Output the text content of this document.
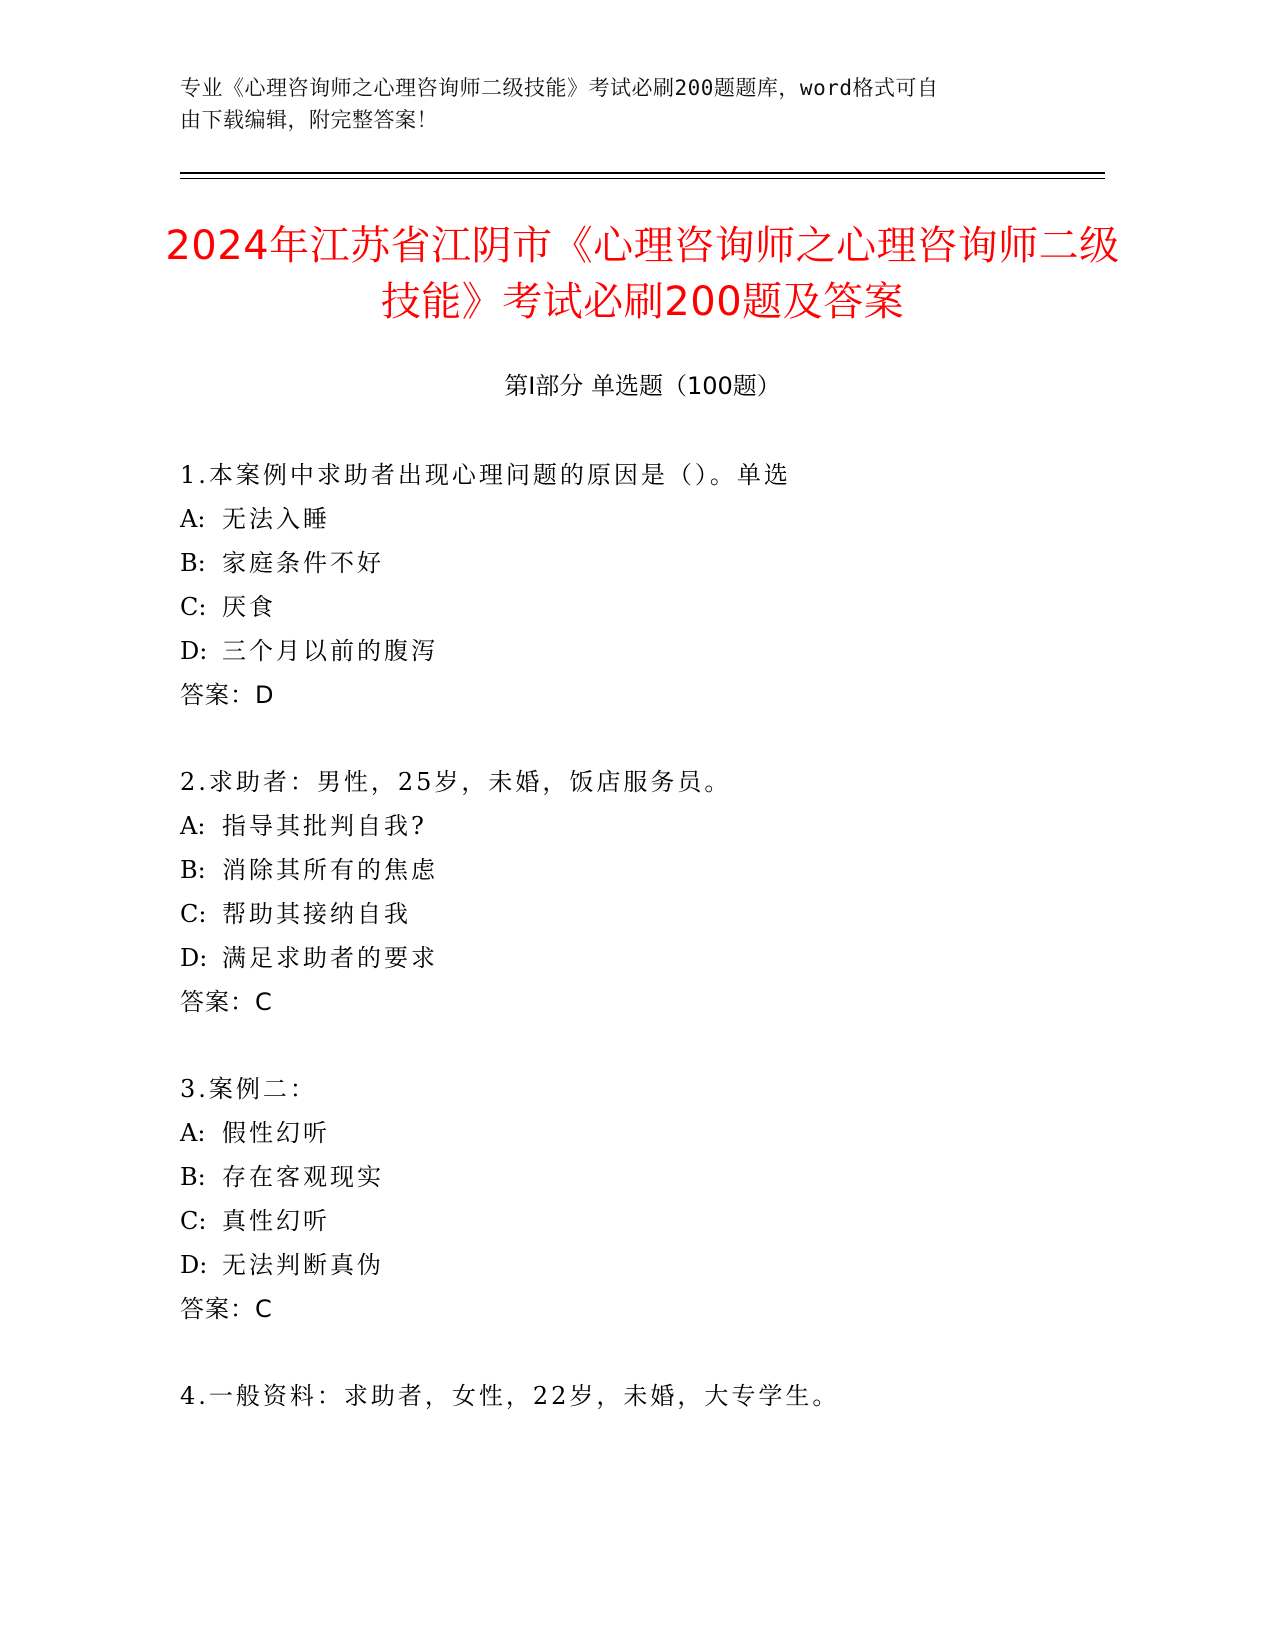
专业《心理咨询师之心理咨询师二级技能》考试必刷200题题库，word格式可自
由下载编辑，附完整答案！
2024年江苏省江阴市《心理咨询师之心理咨询师二级技能》考试必刷200题及答案
第Ⅰ部分 单选题（100题）
1.本案例中求助者出现心理问题的原因是（）。单选
A: 无法入睡
B: 家庭条件不好
C: 厌食
D: 三个月以前的腹泻
答案：D
2.求助者：男性，25岁，未婚，饭店服务员。
A: 指导其批判自我?
B: 消除其所有的焦虑
C: 帮助其接纳自我
D: 满足求助者的要求
答案：C
3.案例二：
A: 假性幻听
B: 存在客观现实
C: 真性幻听
D: 无法判断真伪
答案：C
4.一般资料：求助者，女性，22岁，未婚，大专学生。
